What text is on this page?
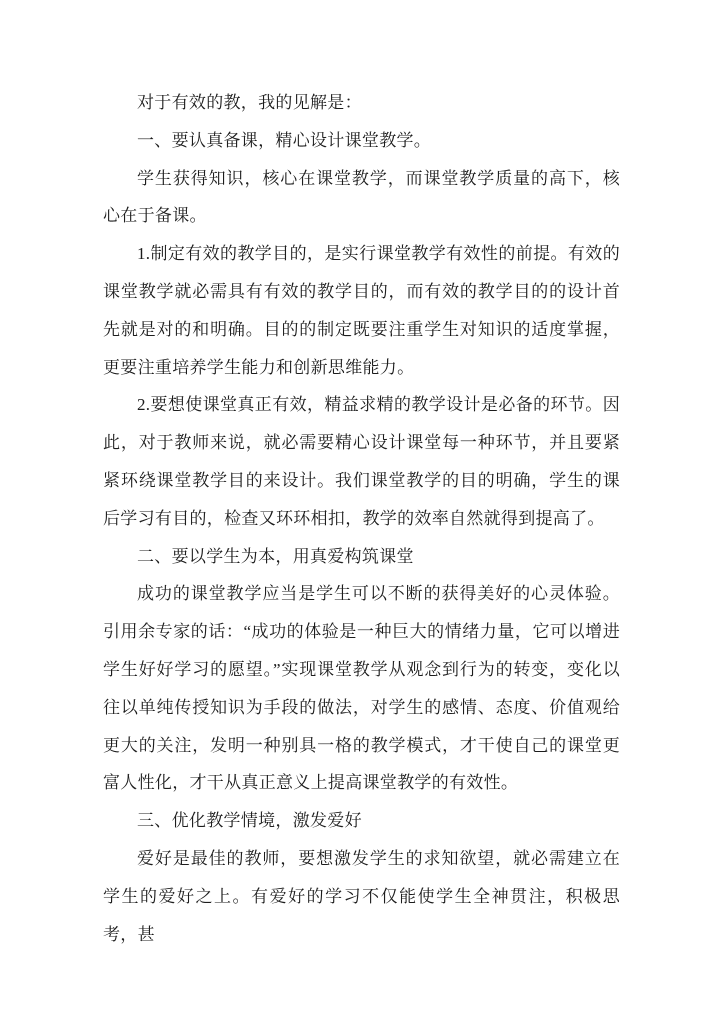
对于有效的教，我的见解是：

一、要认真备课，精心设计课堂教学。

学生获得知识，核心在课堂教学，而课堂教学质量的高下，核心在于备课。

1.制定有效的教学目的，是实行课堂教学有效性的前提。有效的课堂教学就必需具有有效的教学目的，而有效的教学目的的设计首先就是对的和明确。目的的制定既要注重学生对知识的适度掌握，更要注重培养学生能力和创新思维能力。

2.要想使课堂真正有效，精益求精的教学设计是必备的环节。因此，对于教师来说，就必需要精心设计课堂每一种环节，并且要紧紧环绕课堂教学目的来设计。我们课堂教学的目的明确，学生的课后学习有目的，检查又环环相扣，教学的效率自然就得到提高了。

二、要以学生为本，用真爱构筑课堂

成功的课堂教学应当是学生可以不断的获得美好的心灵体验。引用余专家的话：“成功的体验是一种巨大的情绪力量，它可以增进学生好好学习的愿望。”实现课堂教学从观念到行为的转变，变化以往以单纯传授知识为手段的做法，对学生的感情、态度、价值观给更大的关注，发明一种别具一格的教学模式，才干使自己的课堂更富人性化，才干从真正意义上提高课堂教学的有效性。

三、优化教学情境，激发爱好

爱好是最佳的教师，要想激发学生的求知欲望，就必需建立在学生的爱好之上。有爱好的学习不仅能使学生全神贯注，积极思考，甚
